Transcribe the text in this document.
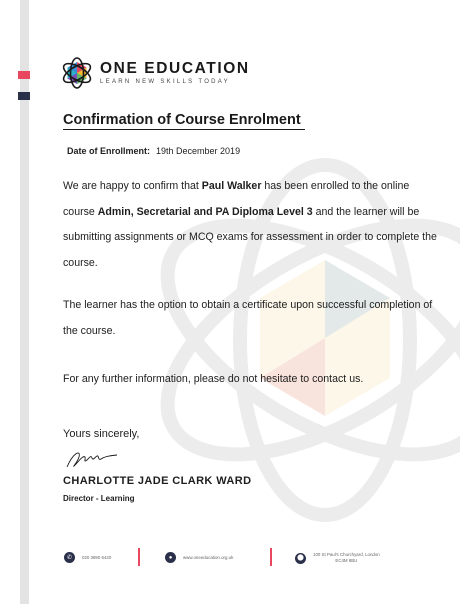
ONE EDUCATION
LEARN NEW SKILLS TODAY
Confirmation of Course Enrolment
Date of Enrollment: 19th December 2019
We are happy to confirm that Paul Walker has been enrolled to the online course Admin, Secretarial and PA Diploma Level 3 and the learner will be submitting assignments or MCQ exams for assessment in order to complete the course.
The learner has the option to obtain a certificate upon successful completion of the course.
For any further information, please do not hesitate to contact us.
Yours sincerely,
CHARLOTTE JADE CLARK WARD
Director - Learning
✆ 020 3890 6420	● www.oneeducation.org.uk	⬤
100 St Paul's Churchyard, London
EC4M 8BU
